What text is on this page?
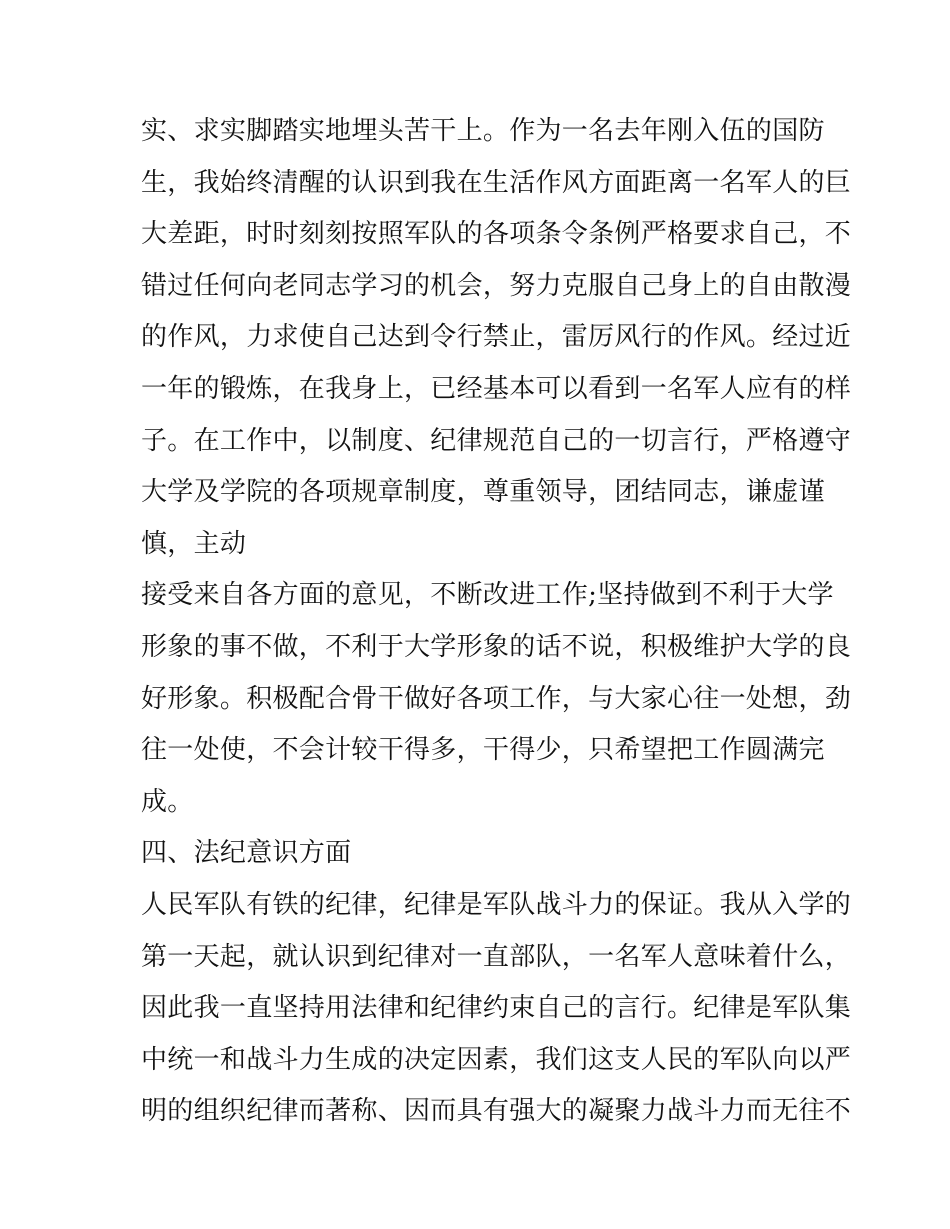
实、求实脚踏实地埋头苦干上。作为一名去年刚入伍的国防
生，我始终清醒的认识到我在生活作风方面距离一名军人的巨
大差距，时时刻刻按照军队的各项条令条例严格要求自己，不
错过任何向老同志学习的机会，努力克服自己身上的自由散漫
的作风，力求使自己达到令行禁止，雷厉风行的作风。经过近
一年的锻炼，在我身上，已经基本可以看到一名军人应有的样
子。在工作中，以制度、纪律规范自己的一切言行，严格遵守
大学及学院的各项规章制度，尊重领导，团结同志，谦虚谨
慎，主动
接受来自各方面的意见，不断改进工作;坚持做到不利于大学
形象的事不做，不利于大学形象的话不说，积极维护大学的良
好形象。积极配合骨干做好各项工作，与大家心往一处想，劲
往一处使，不会计较干得多，干得少，只希望把工作圆满完
成。
四、法纪意识方面
人民军队有铁的纪律，纪律是军队战斗力的保证。我从入学的
第一天起，就认识到纪律对一直部队，一名军人意味着什么，
因此我一直坚持用法律和纪律约束自己的言行。纪律是军队集
中统一和战斗力生成的决定因素，我们这支人民的军队向以严
明的组织纪律而著称、因而具有强大的凝聚力战斗力而无往不
